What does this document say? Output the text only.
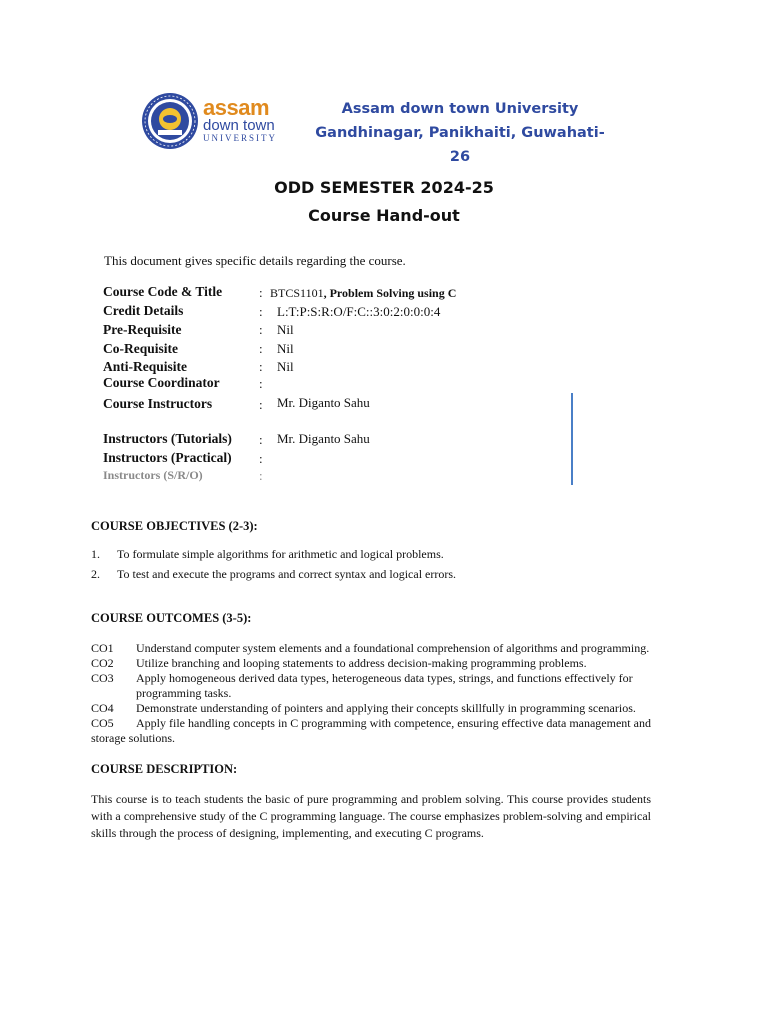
assam
down town
UNIVERSITY
Assam down town University
Gandhinagar, Panikhaiti, Guwahati-26
ODD SEMESTER 2024-25
Course Hand-out
This document gives specific details regarding the course.
Course Code & Title	: BTCS1101, Problem Solving using C
Credit Details	: L:T:P:S:R:O/F:C::3:0:2:0:0:0:4
Pre-Requisite	: Nil
Co-Requisite	: Nil
Anti-Requisite	: Nil
Course Coordinator	:
Course Instructors	: Mr. Diganto Sahu
Instructors (Tutorials) : Mr. Diganto Sahu
Instructors (Practical) :
Instructors (S/R/O)	:
COURSE OBJECTIVES (2-3):
1. To formulate simple algorithms for arithmetic and logical problems.
2. To test and execute the programs and correct syntax and logical errors.
COURSE OUTCOMES (3-5):
CO1 Understand computer system elements and a foundational comprehension of algorithms and programming.
CO2 Utilize branching and looping statements to address decision-making programming problems.
CO3 Apply homogeneous derived data types, heterogeneous data types, strings, and functions effectively for programming tasks.
CO4 Demonstrate understanding of pointers and applying their concepts skillfully in programming scenarios.
CO5 Apply file handling concepts in C programming with competence, ensuring effective data management and
storage solutions.
COURSE DESCRIPTION:
This course is to teach students the basic of pure programming and problem solving. This course provides students with a comprehensive study of the C programming language. The course emphasizes problem-solving and empirical skills through the process of designing, implementing, and executing C programs.
